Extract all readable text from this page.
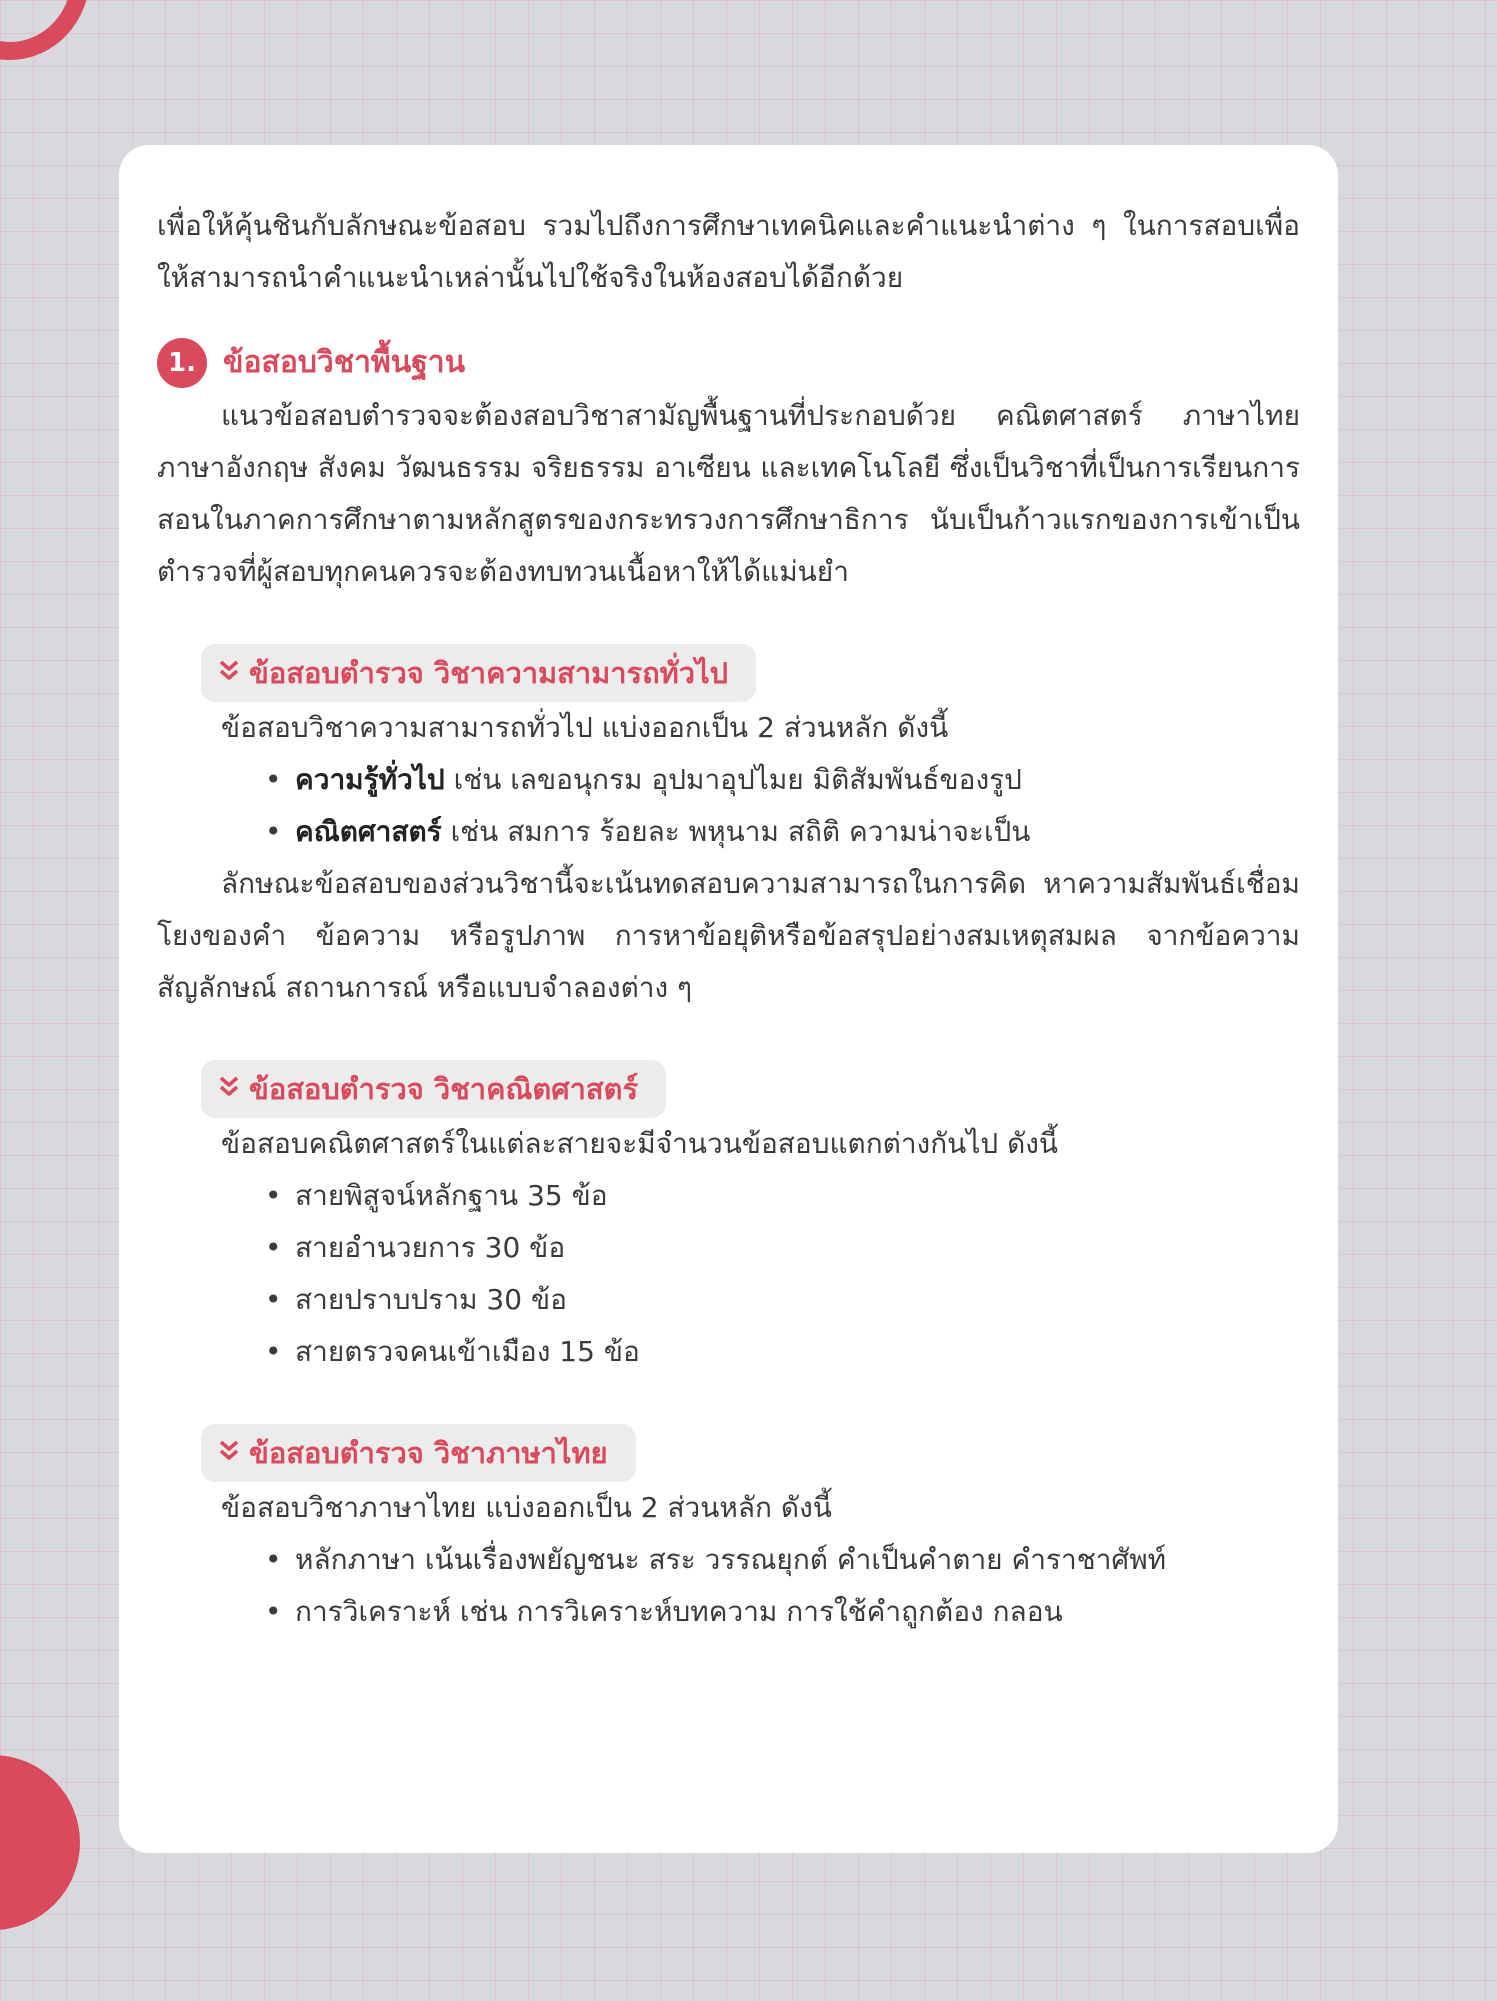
เพื่อให้คุ้นชินกับลักษณะข้อสอบ รวมไปถึงการศึกษาเทคนิคและคำแนะนำต่าง ๆ ในการสอบเพื่อให้สามารถนำคำแนะนำเหล่านั้นไปใช้จริงในห้องสอบได้อีกด้วย

1. ข้อสอบวิชาพื้นฐาน

แนวข้อสอบตำรวจจะต้องสอบวิชาสามัญพื้นฐานที่ประกอบด้วย คณิตศาสตร์ ภาษาไทย ภาษาอังกฤษ สังคม วัฒนธรรม จริยธรรม อาเซียน และเทคโนโลยี ซึ่งเป็นวิชาที่เป็นการเรียนการสอนในภาคการศึกษาตามหลักสูตรของกระทรวงการศึกษาธิการ นับเป็นก้าวแรกของการเข้าเป็นตำรวจที่ผู้สอบทุกคนควรจะต้องทบทวนเนื้อหาให้ได้แม่นยำ

ข้อสอบตำรวจ วิชาความสามารถทั่วไป

ข้อสอบวิชาความสามารถทั่วไป แบ่งออกเป็น 2 ส่วนหลัก ดังนี้

• ความรู้ทั่วไป เช่น เลขอนุกรม อุปมาอุปไมย มิติสัมพันธ์ของรูป
• คณิตศาสตร์ เช่น สมการ ร้อยละ พหุนาม สถิติ ความน่าจะเป็น

ลักษณะข้อสอบของส่วนวิชานี้จะเน้นทดสอบความสามารถในการคิด หาความสัมพันธ์เชื่อมโยงของคำ ข้อความ หรือรูปภาพ การหาข้อยุติหรือข้อสรุปอย่างสมเหตุสมผล จากข้อความ สัญลักษณ์ สถานการณ์ หรือแบบจำลองต่าง ๆ

ข้อสอบตำรวจ วิชาคณิตศาสตร์

ข้อสอบคณิตศาสตร์ในแต่ละสายจะมีจำนวนข้อสอบแตกต่างกันไป ดังนี้

• สายพิสูจน์หลักฐาน 35 ข้อ
• สายอำนวยการ 30 ข้อ
• สายปราบปราม 30 ข้อ
• สายตรวจคนเข้าเมือง 15 ข้อ
ข้อสอบตำรวจ วิชาภาษาไทย

ข้อสอบวิชาภาษาไทย แบ่งออกเป็น 2 ส่วนหลัก ดังนี้

• หลักภาษา เน้นเรื่องพยัญชนะ สระ วรรณยุกต์ คำเป็นคำตาย คำราชาศัพท์
• การวิเคราะห์ เช่น การวิเคราะห์บทความ การใช้คำถูกต้อง กลอน
